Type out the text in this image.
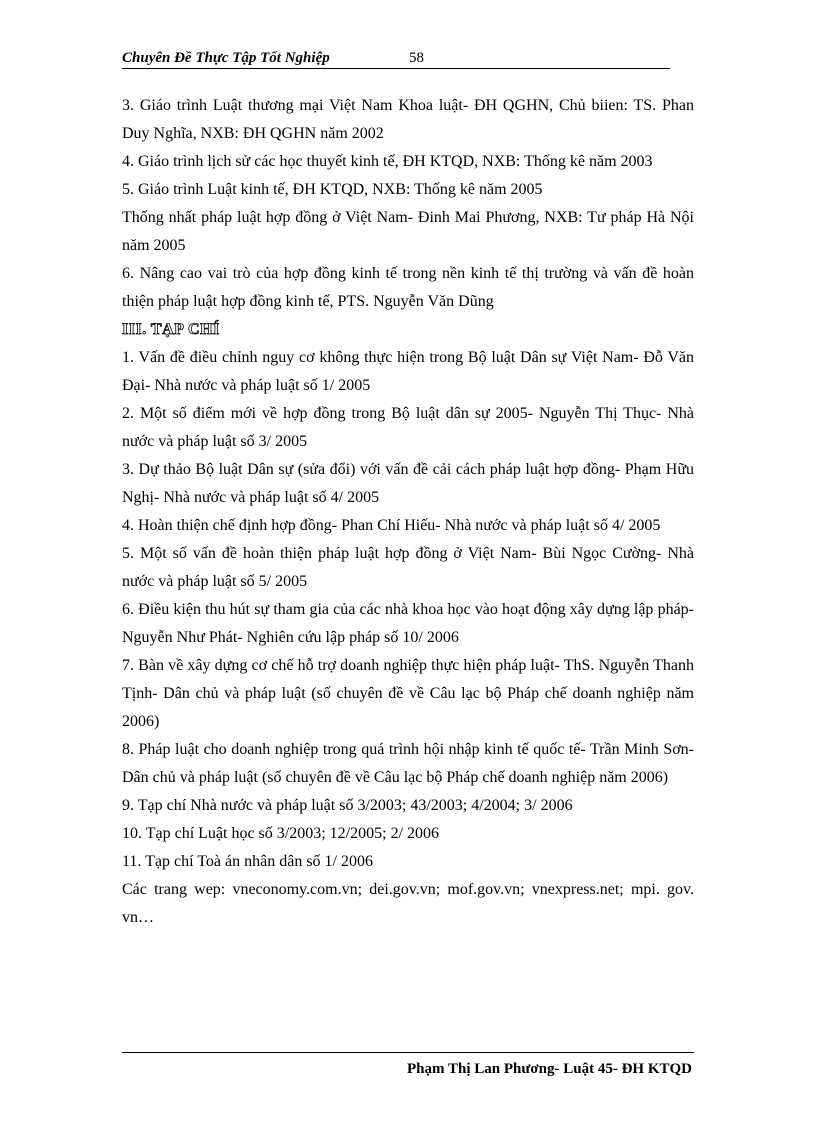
Chuyên Đề Thực Tập Tốt Nghiệp	58

3. Giáo trình Luật thương mại Việt Nam Khoa luật- ĐH QGHN, Chủ biien: TS. Phan Duy Nghĩa, NXB: ĐH QGHN năm 2002

4. Giáo trình lịch sử các học thuyết kinh tế, ĐH KTQD, NXB: Thống kê năm 2003

5. Giáo trình Luật kinh tế, ĐH KTQD, NXB: Thống kê năm 2005

Thống nhất pháp luật hợp đồng ở Việt Nam- Đinh Mai Phương, NXB: Tư pháp Hà Nội năm 2005

6. Nâng cao vai trò của hợp đồng kinh tế trong nền kinh tế thị trường và vấn đề hoàn thiện pháp luật hợp đồng kinh tế, PTS. Nguyễn Văn Dũng

III. TẠP CHÍ

1. Vấn đề điều chỉnh nguy cơ không thực hiện trong Bộ luật Dân sự Việt Nam- Đỗ Văn Đại- Nhà nước và pháp luật số 1/ 2005

2. Một số điểm mới về hợp đồng trong Bộ luật dân sự 2005- Nguyễn Thị Thục- Nhà nước và pháp luật số 3/ 2005

3. Dự thảo Bộ luật Dân sự (sửa đổi) với vấn đề cải cách pháp luật hợp đồng- Phạm Hữu Nghị- Nhà nước và pháp luật số 4/ 2005

4. Hoàn thiện chế định hợp đồng- Phan Chí Hiếu- Nhà nước và pháp luật số 4/ 2005

5. Một số vấn đề hoàn thiện pháp luật hợp đồng ở Việt Nam- Bùi Ngọc Cường- Nhà nước và pháp luật số 5/ 2005

6. Điều kiện thu hút sự tham gia của các nhà khoa học vào hoạt động xây dựng lập pháp- Nguyễn Như Phát- Nghiên cứu lập pháp số 10/ 2006

7. Bàn về xây dựng cơ chế hỗ trợ doanh nghiệp thực hiện pháp luật- ThS. Nguyễn Thanh Tịnh- Dân chủ và pháp luật (số chuyên đề về Câu lạc bộ Pháp chế doanh nghiệp năm 2006)

8. Pháp luật cho doanh nghiệp trong quá trình hội nhập kinh tế quốc tế- Trần Minh Sơn- Dân chủ và pháp luật (số chuyên đề về Câu lạc bộ Pháp chế doanh nghiệp năm 2006)

9. Tạp chí Nhà nước và pháp luật số 3/2003; 43/2003; 4/2004; 3/ 2006

10. Tạp chí Luật học số 3/2003; 12/2005; 2/ 2006

11. Tạp chí Toà án nhân dân số 1/ 2006

Các trang wep: vneconomy.com.vn; dei.gov.vn; mof.gov.vn; vnexpress.net; mpi. gov. vn…

Phạm Thị Lan Phương- Luật 45- ĐH KTQD
